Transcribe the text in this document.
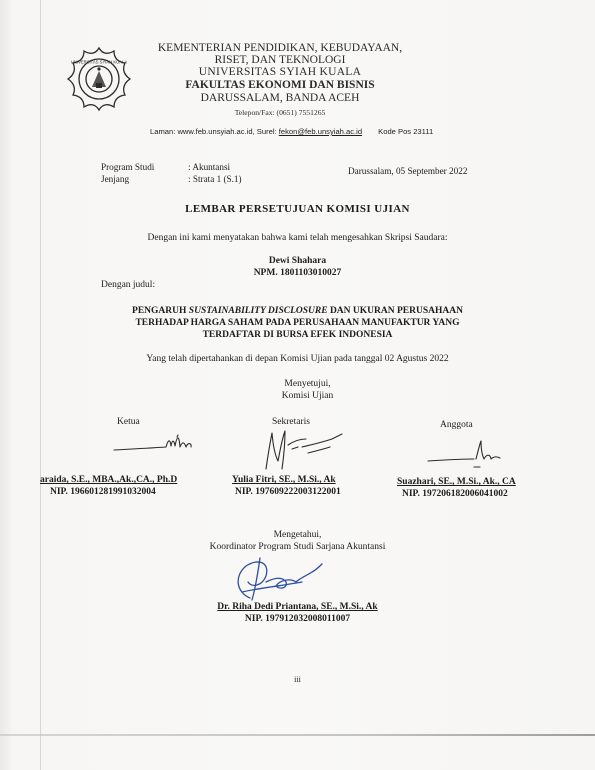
UNIVERSITAS SYIAH KUALA
KEMENTERIAN PENDIDIKAN, KEBUDAYAAN,
RISET, DAN TEKNOLOGI
UNIVERSITAS SYIAH KUALA
FAKULTAS EKONOMI DAN BISNIS
DARUSSALAM, BANDA ACEH
Telepon/Fax: (0651) 7551265
Laman: www.feb.unsyiah.ac.id, Surel: fekon@feb.unsyiah.ac.id Kode Pos 23111
Program Studi	: Akuntansi
Jenjang	: Strata 1 (S.1)
Darussalam, 05 September 2022
LEMBAR PERSETUJUAN KOMISI UJIAN
Dengan ini kami menyatakan bahwa kami telah mengesahkan Skripsi Saudara:
Dewi Shahara
NPM. 1801103010027
Dengan judul:
PENGARUH SUSTAINABILITY DISCLOSURE DAN UKURAN PERUSAHAAN
TERHADAP HARGA SAHAM PADA PERUSAHAAN MANUFAKTUR YANG
TERDAFTAR DI BURSA EFEK INDONESIA
Yang telah dipertahankan di depan Komisi Ujian pada tanggal 02 Agustus 2022
Menyetujui,
Komisi Ujian
Ketua	Sekretaris	Anggota
araida, S.E., MBA.,Ak.,CA., Ph.D
NIP. 196601281991032004
Yulia Fitri, SE., M.Si., Ak
NIP. 197609222003122001
Suazhari, SE., M.Si., Ak., CA
NIP. 197206182006041002
Mengetahui,
Koordinator Program Studi Sarjana Akuntansi
Dr. Riha Dedi Priantana, SE., M.Si., Ak
NIP. 197912032008011007
iii
